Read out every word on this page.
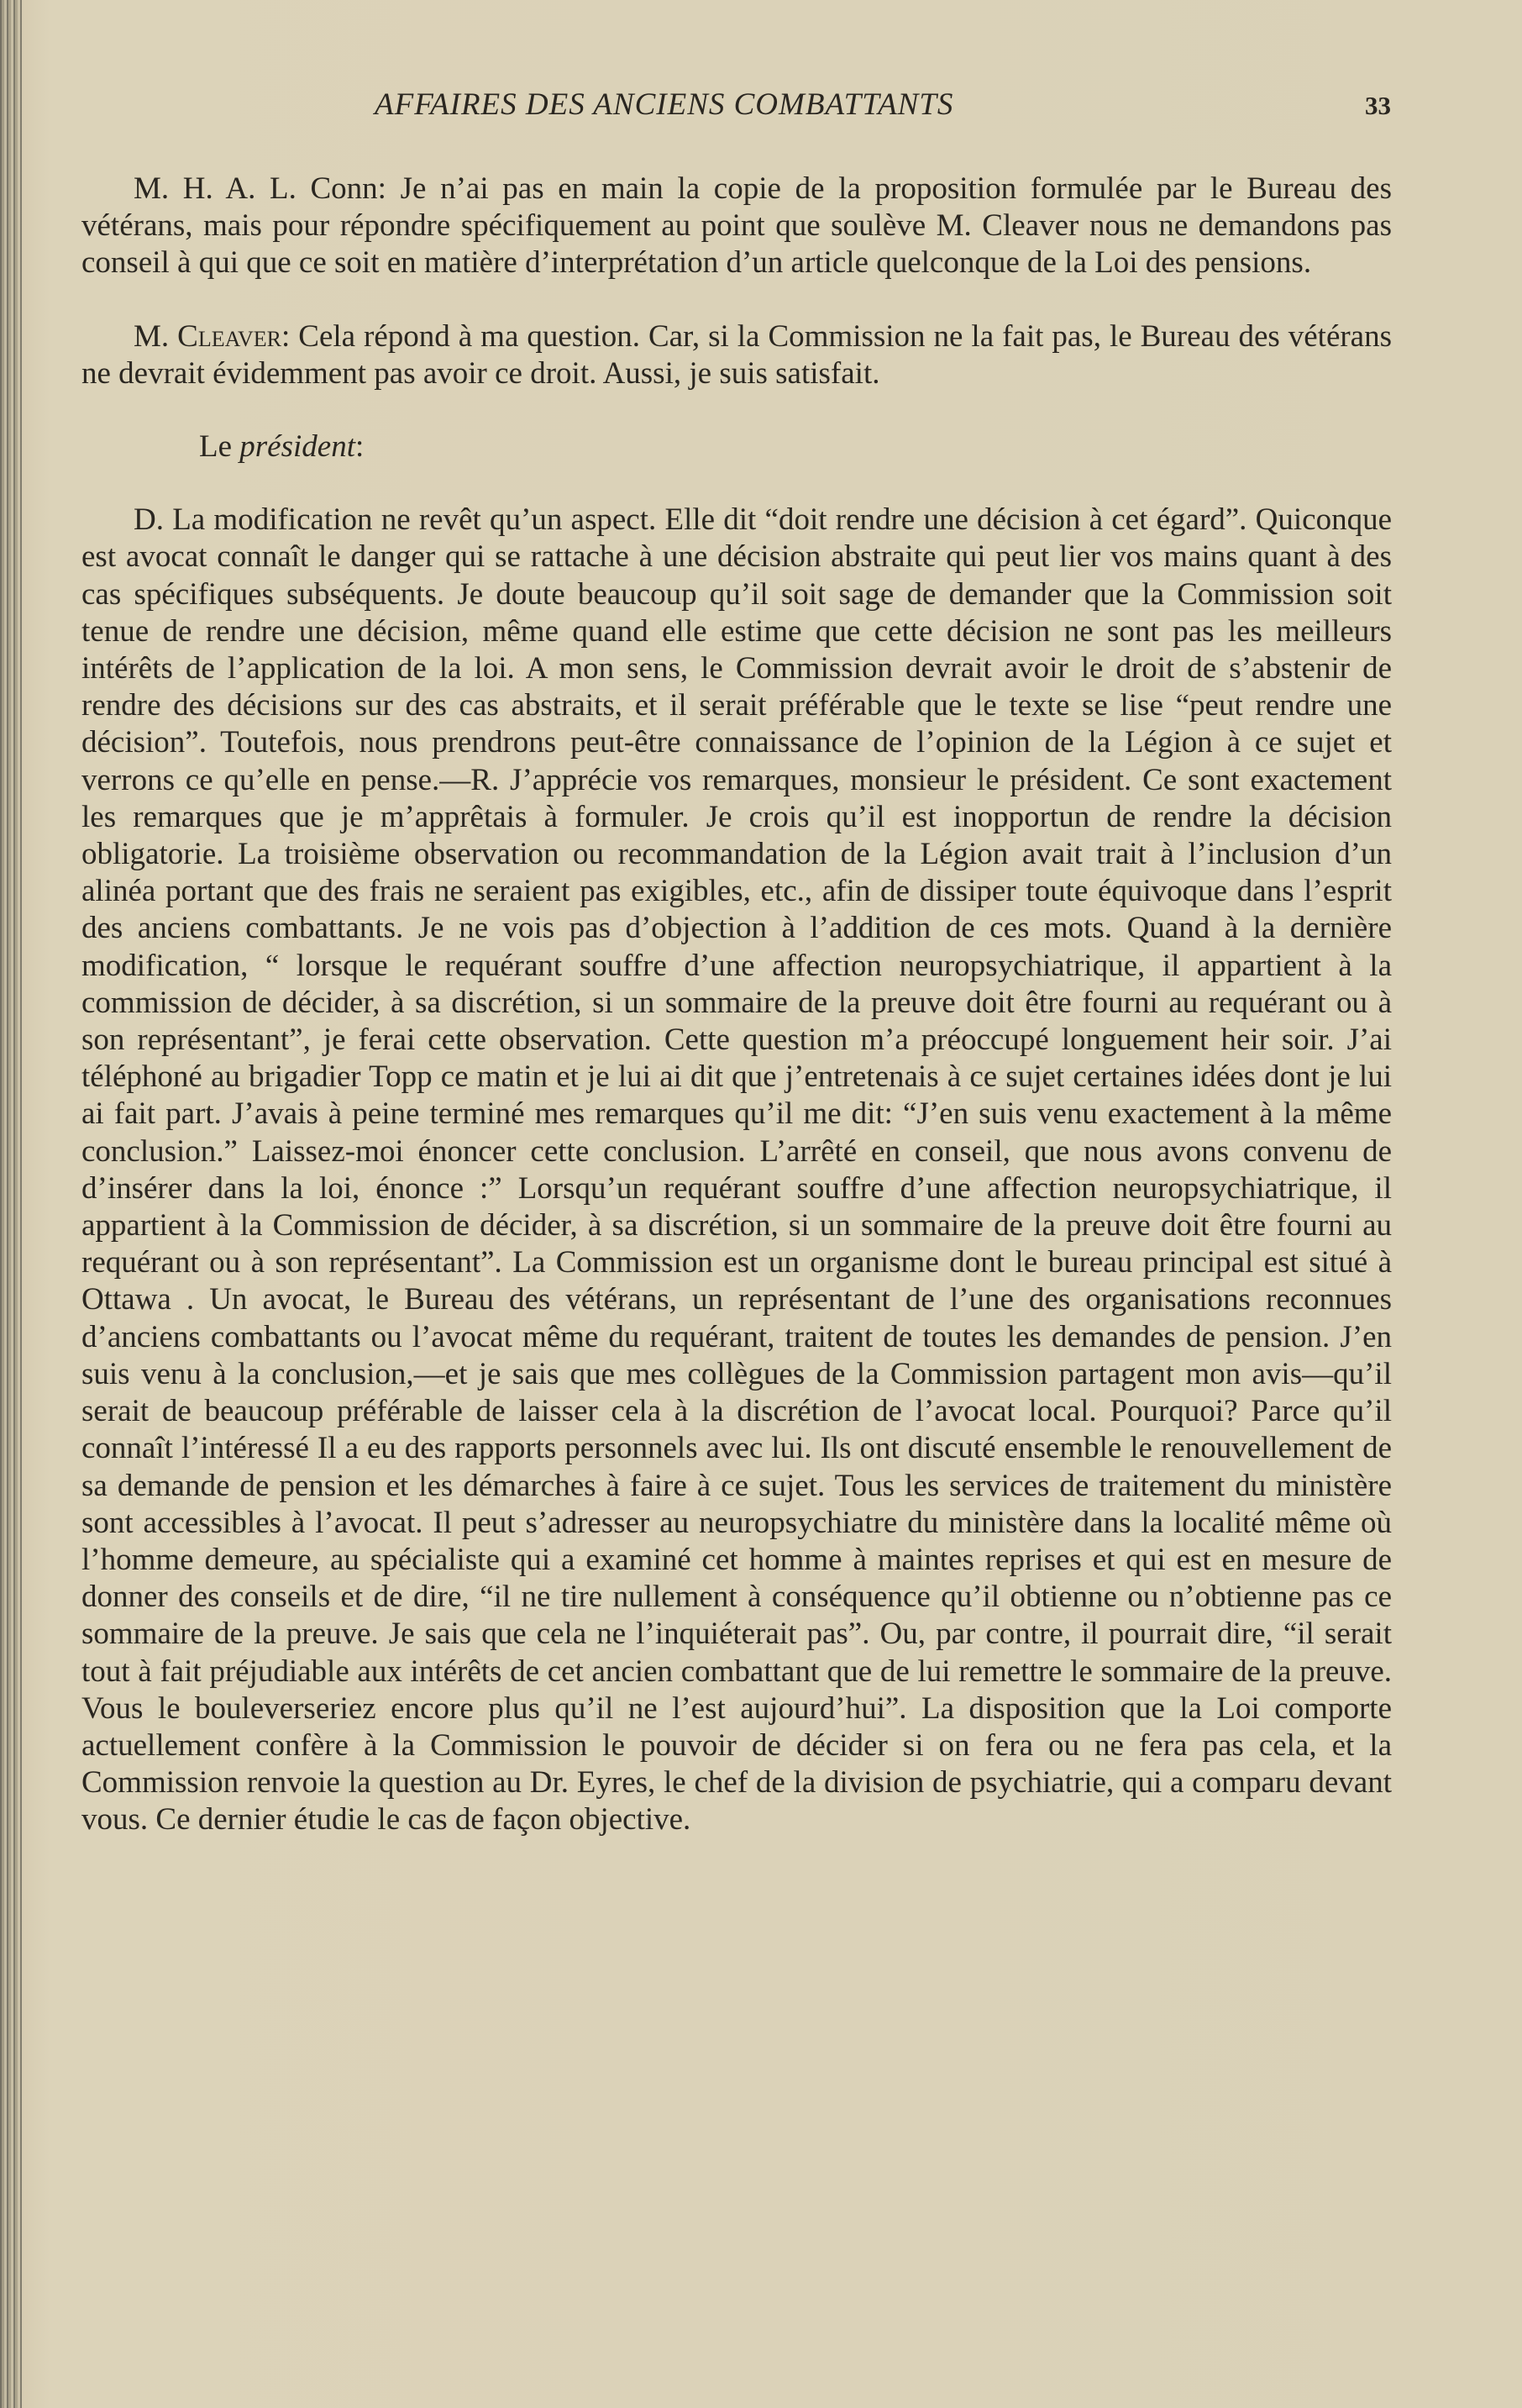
AFFAIRES DES ANCIENS COMBATTANTS	33

M. H. A. L. Conn: Je n’ai pas en main la copie de la proposition formulée par le Bureau des vétérans, mais pour répondre spécifiquement au point que soulève M. Cleaver nous ne demandons pas conseil à qui que ce soit en matière d’interprétation d’un article quelconque de la Loi des pensions.

M. Cleaver: Cela répond à ma question. Car, si la Commission ne la fait pas, le Bureau des vétérans ne devrait évidemment pas avoir ce droit. Aussi, je suis satisfait.

Le président:

D. La modification ne revêt qu’un aspect. Elle dit “doit rendre une décision à cet égard”. Quiconque est avocat connaît le danger qui se rattache à une décision abstraite qui peut lier vos mains quant à des cas spécifiques subséquents. Je doute beaucoup qu’il soit sage de demander que la Commission soit tenue de rendre une décision, même quand elle estime que cette décision ne sont pas les meilleurs intérêts de l’application de la loi. A mon sens, le Commission devrait avoir le droit de s’abstenir de rendre des décisions sur des cas abstraits, et il serait préférable que le texte se lise “peut rendre une décision”. Toutefois, nous prendrons peut-être connaissance de l’opinion de la Légion à ce sujet et verrons ce qu’elle en pense.—R. J’apprécie vos remarques, monsieur le président. Ce sont exactement les remarques que je m’apprêtais à formuler. Je crois qu’il est inopportun de rendre la décision obligatorie. La troisième observation ou recommandation de la Légion avait trait à l’inclusion d’un alinéa portant que des frais ne seraient pas exigibles, etc., afin de dissiper toute équivoque dans l’esprit des anciens combattants. Je ne vois pas d’objection à l’addition de ces mots. Quand à la dernière modification, “ lorsque le requérant souffre d’une affection neuropsychiatrique, il appartient à la commission de décider, à sa discrétion, si un sommaire de la preuve doit être fourni au requérant ou à son représentant”, je ferai cette observation. Cette question m’a préoccupé longuement heir soir. J’ai téléphoné au brigadier Topp ce matin et je lui ai dit que j’entretenais à ce sujet certaines idées dont je lui ai fait part. J’avais à peine terminé mes remarques qu’il me dit: “J’en suis venu exactement à la même conclusion.” Laissez-moi énoncer cette conclusion. L’arrêté en conseil, que nous avons convenu de d’insérer dans la loi, énonce :” Lorsqu’un requérant souffre d’une affection neuropsychiatrique, il appartient à la Commission de décider, à sa discrétion, si un sommaire de la preuve doit être fourni au requérant ou à son représentant”. La Commission est un organisme dont le bureau principal est situé à Ottawa . Un avocat, le Bureau des vétérans, un représentant de l’une des organisations reconnues d’anciens combattants ou l’avocat même du requérant, traitent de toutes les demandes de pension. J’en suis venu à la conclusion,—et je sais que mes collègues de la Commission partagent mon avis—qu’il serait de beaucoup préférable de laisser cela à la discrétion de l’avocat local. Pourquoi? Parce qu’il connaît l’intéressé Il a eu des rapports personnels avec lui. Ils ont discuté ensemble le renouvellement de sa demande de pension et les démarches à faire à ce sujet. Tous les services de traitement du ministère sont accessibles à l’avocat. Il peut s’adresser au neuropsychiatre du ministère dans la localité même où l’homme demeure, au spécialiste qui a examiné cet homme à maintes reprises et qui est en mesure de donner des conseils et de dire, “il ne tire nullement à conséquence qu’il obtienne ou n’obtienne pas ce sommaire de la preuve. Je sais que cela ne l’inquiéterait pas”. Ou, par contre, il pourrait dire, “il serait tout à fait préjudiable aux intérêts de cet ancien combattant que de lui remettre le sommaire de la preuve. Vous le bouleverseriez encore plus qu’il ne l’est aujourd’hui”. La disposition que la Loi comporte actuellement confère à la Commission le pouvoir de décider si on fera ou ne fera pas cela, et la Commission renvoie la question au Dr. Eyres, le chef de la division de psychiatrie, qui a comparu devant vous. Ce dernier étudie le cas de façon objective.
